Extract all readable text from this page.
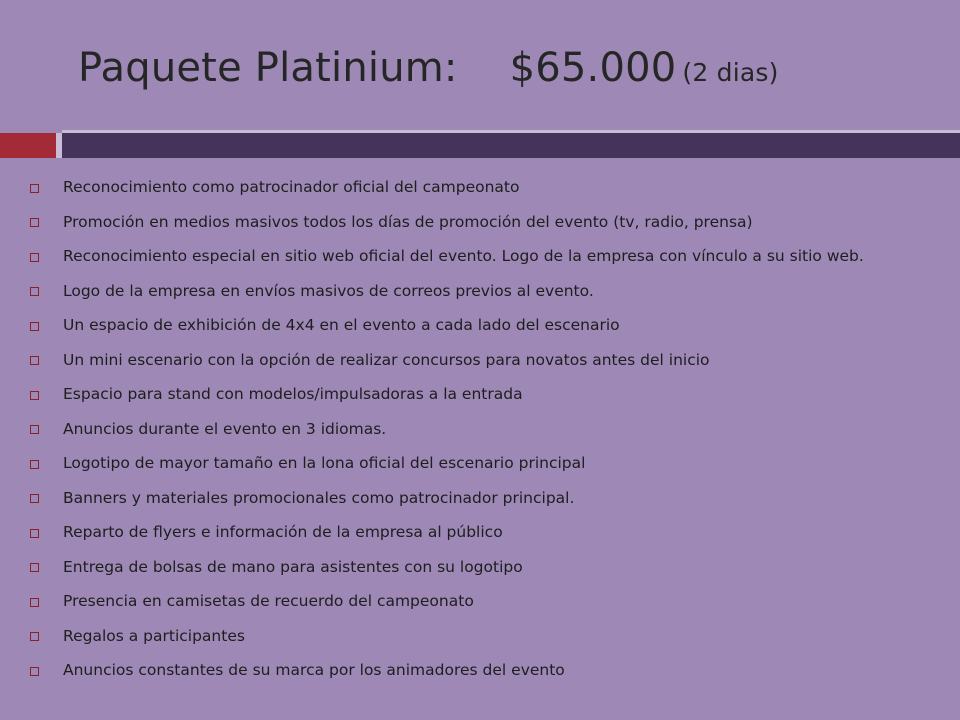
Paquete Platinium: $65.000 (2 dias)
Reconocimiento como patrocinador oficial del campeonato
Promoción en medios masivos todos los días de promoción del evento (tv, radio, prensa)
Reconocimiento especial en sitio web oficial del evento. Logo de la empresa con vínculo a su sitio web.
Logo de la empresa en envíos masivos de correos previos al evento.
Un espacio de exhibición de 4x4 en el evento a cada lado del escenario
Un mini escenario con la opción de realizar concursos para novatos antes del inicio
Espacio para stand con modelos/impulsadoras a la entrada
Anuncios durante el evento en 3 idiomas.
Logotipo de mayor tamaño en la lona oficial del escenario principal
Banners y materiales promocionales como patrocinador principal.
Reparto de flyers e información de la empresa al público
Entrega de bolsas de mano para asistentes con su logotipo
Presencia en camisetas de recuerdo del campeonato
Regalos a participantes
Anuncios constantes de su marca por los animadores del evento
